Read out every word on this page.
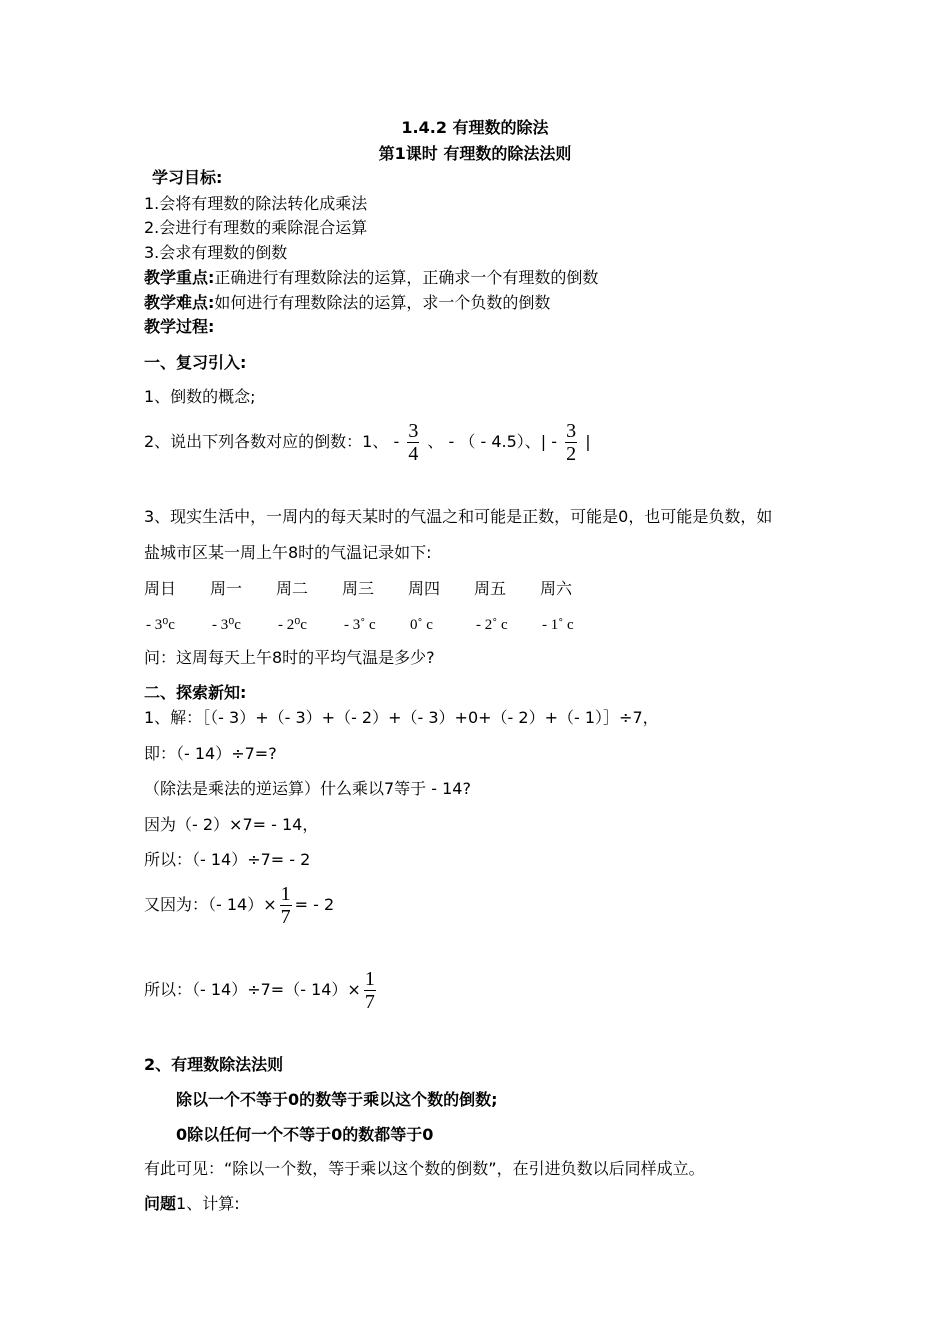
1.4.2 有理数的除法
第1课时 有理数的除法法则
学习目标:
1.会将有理数的除法转化成乘法
2.会进行有理数的乘除混合运算
3.会求有理数的倒数
教学重点:正确进行有理数除法的运算，正确求一个有理数的倒数
教学难点:如何进行有理数除法的运算，求一个负数的倒数
教学过程:
一、复习引入:
1、倒数的概念;
2、说出下列各数对应的倒数：1、 - $\frac{3}{4}$ 、 - （ - 4.5）、| - $\frac{3}{2}$ |
3、现实生活中，一周内的每天某时的气温之和可能是正数，可能是0，也可能是负数，如
盐城市区某一周上午8时的气温记录如下:
周日 周一 周二 周三 周四 周五 周六
- 3⁰c - 3⁰c - 2⁰c - 3˚ c 0˚ c	- 2˚ c - 1˚ c
问：这周每天上午8时的平均气温是多少?
二、探索新知:
1、解：［（- 3）+（- 3）+（- 2）+（- 3）+0+（- 2）+（- 1）］÷7，
即：（- 14）÷7=?
（除法是乘法的逆运算）什么乘以7等于 - 14?
因为（- 2）×7= - 14，
所以：（- 14）÷7= - 2
又因为：（- $14)\times \frac{1}{7}$ = - 2
所以：（- 14）÷7=（- $14)\times \frac{1}{7}$
2、有理数除法法则
除以一个不等于0的数等于乘以这个数的倒数;
0除以任何一个不等于0的数都等于0
有此可见：“除以一个数，等于乘以这个数的倒数”，在引进负数以后同样成立。
问题1、计算:
